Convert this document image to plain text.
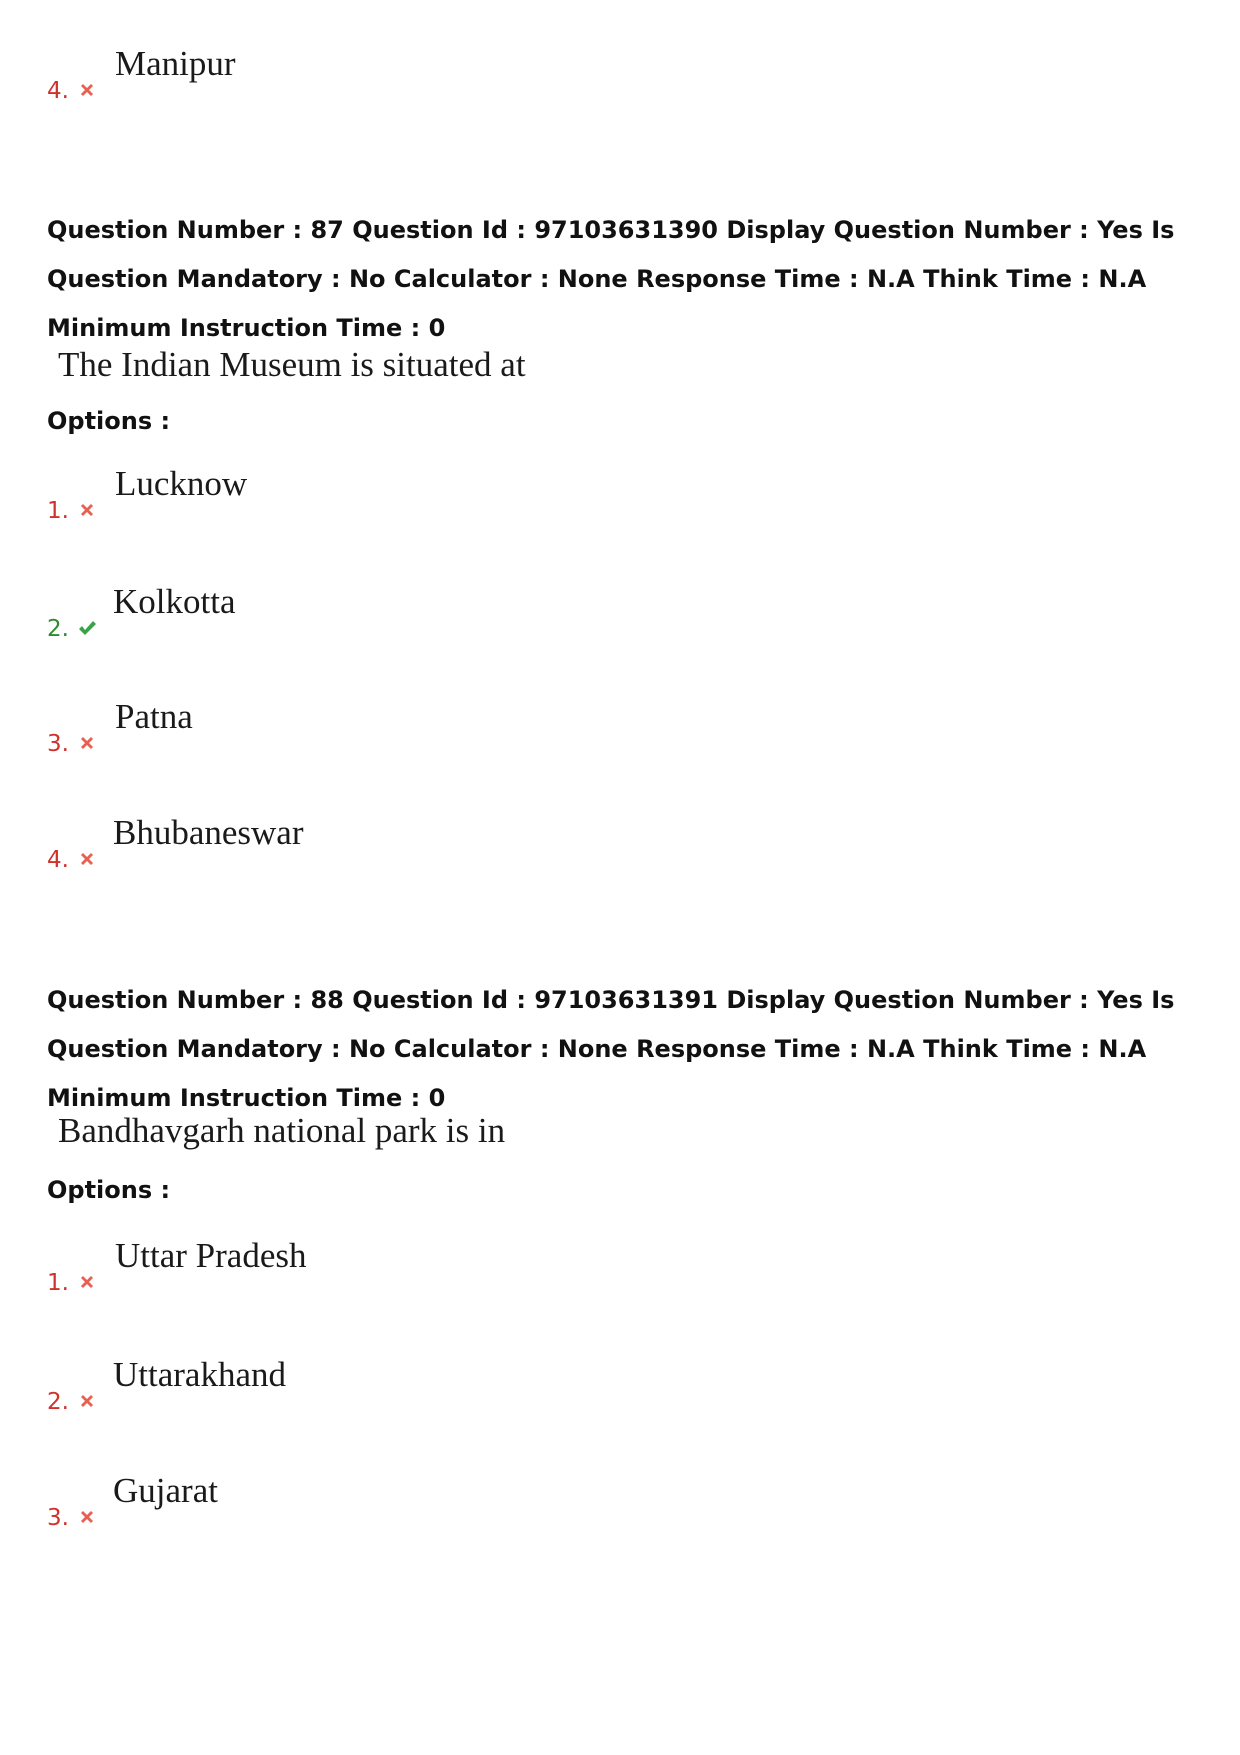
4.
Manipur
Question Number : 87 Question Id : 97103631390 Display Question Number : Yes Is Question Mandatory : No Calculator : None Response Time : N.A Think Time : N.A Minimum Instruction Time : 0
The Indian Museum is situated at
Options :
1.
Lucknow
2.
Kolkotta
3.
Patna
4.
Bhubaneswar
Question Number : 88 Question Id : 97103631391 Display Question Number : Yes Is Question Mandatory : No Calculator : None Response Time : N.A Think Time : N.A Minimum Instruction Time : 0
Bandhavgarh national park is in
Options :
1.
Uttar Pradesh
2.
Uttarakhand
3.
Gujarat
